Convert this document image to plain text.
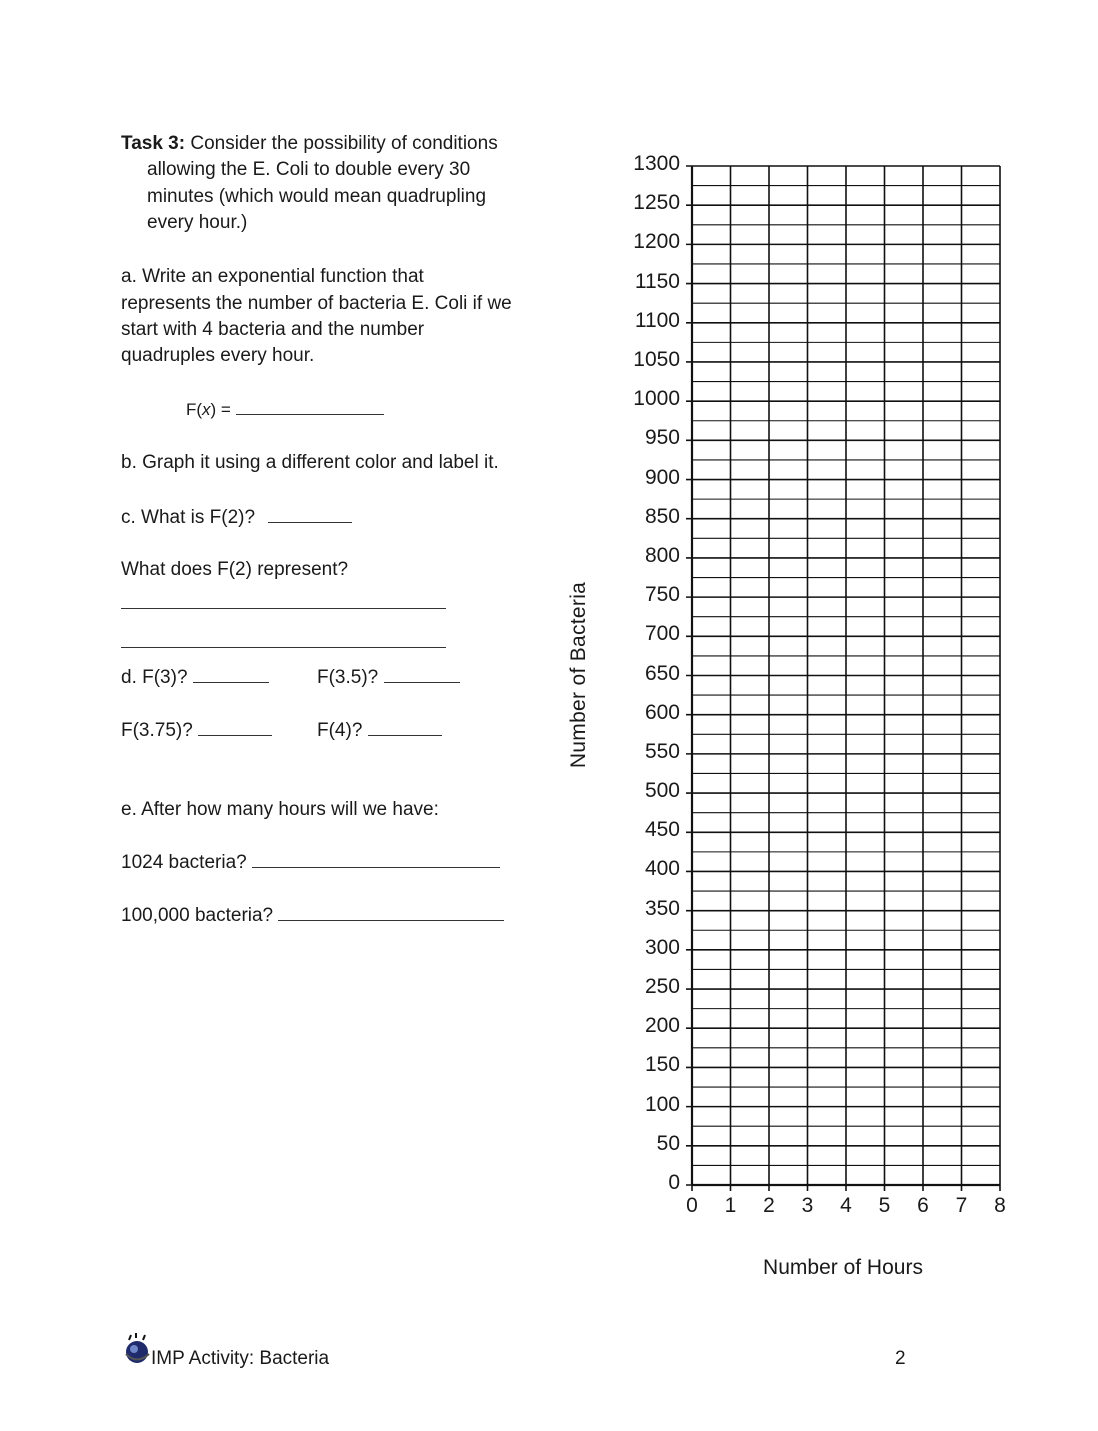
Task 3: Consider the possibility of conditions
allowing the E. Coli to double every 30
minutes (which would mean quadrupling
every hour.)
a. Write an exponential function that
represents the number of bacteria E. Coli if we
start with 4 bacteria and the number
quadruples every hour.
F(x) =
b. Graph it using a different color and label it.
c. What is F(2)?
What does F(2) represent?
d. F(3)?	F(3.5)?
F(3.75)?	F(4)?
e. After how many hours will we have:
1024 bacteria?
100,000 bacteria?
Number of Bacteria
0
50
100
150
200
250
300
350
400
450
500
550
600
650
700
750
800
850
900
950
1000
1050
1100
1150
1200
1250
1300
0 1 2 3 4 5 6 7 8
Number of Hours
IMP Activity: Bacteria	2
